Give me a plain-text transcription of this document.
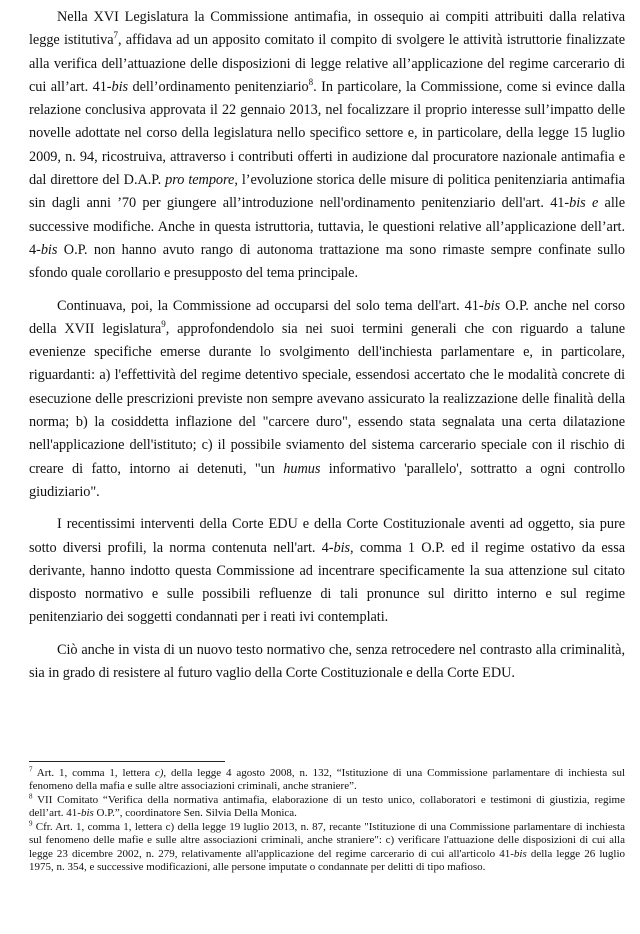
Nella XVI Legislatura la Commissione antimafia, in ossequio ai compiti attribuiti dalla relativa legge istitutiva$^7$, affidava ad un apposito comitato il compito di svolgere le attività istruttorie finalizzate alla verifica dell’attuazione delle disposizioni di legge relative all’applicazione del regime carcerario di cui all’art. 41-bis dell’ordinamento penitenziario$^8$. In particolare, la Commissione, come si evince dalla relazione conclusiva approvata il 22 gennaio 2013, nel focalizzare il proprio interesse sull’impatto delle novelle adottate nel corso della legislatura nello specifico settore e, in particolare, della legge 15 luglio 2009, n. 94, ricostruiva, attraverso i contributi offerti in audizione dal procuratore nazionale antimafia e dal direttore del D.A.P. pro tempore, l’evoluzione storica delle misure di politica penitenziaria antimafia sin dagli anni ’70 per giungere all’introduzione nell'ordinamento penitenziario dell'art. 41-bis e alle successive modifiche. Anche in questa istruttoria, tuttavia, le questioni relative all’applicazione dell’art. 4-bis O.P. non hanno avuto rango di autonoma trattazione ma sono rimaste sempre confinate sullo sfondo quale corollario e presupposto del tema principale.

Continuava, poi, la Commissione ad occuparsi del solo tema dell'art. 41-bis O.P. anche nel corso della XVII legislatura$^9$, approfondendolo sia nei suoi termini generali che con riguardo a talune evenienze specifiche emerse durante lo svolgimento dell'inchiesta parlamentare e, in particolare, riguardanti: a) l'effettività del regime detentivo speciale, essendosi accertato che le modalità concrete di esecuzione delle prescrizioni previste non sempre avevano assicurato la realizzazione delle finalità della norma; b) la cosiddetta inflazione del "carcere duro", essendo stata segnalata una certa dilatazione nell'applicazione dell'istituto; c) il possibile sviamento del sistema carcerario speciale con il rischio di creare di fatto, intorno ai detenuti, "un humus informativo 'parallelo', sottratto a ogni controllo giudiziario".

I recentissimi interventi della Corte EDU e della Corte Costituzionale aventi ad oggetto, sia pure sotto diversi profili, la norma contenuta nell'art. 4-bis, comma 1 O.P. ed il regime ostativo da essa derivante, hanno indotto questa Commissione ad incentrare specificamente la sua attenzione sul citato disposto normativo e sulle possibili refluenze di tali pronunce sul diritto interno e sul regime penitenziario dei soggetti condannati per i reati ivi contemplati.

Ciò anche in vista di un nuovo testo normativo che, senza retrocedere nel contrasto alla criminalità, sia in grado di resistere al futuro vaglio della Corte Costituzionale e della Corte EDU.

$^7$ Art. 1, comma 1, lettera c), della legge 4 agosto 2008, n. 132, “Istituzione di una Commissione parlamentare di inchiesta sul fenomeno della mafia e sulle altre associazioni criminali, anche straniere”.

$^8$ VII Comitato “Verifica della normativa antimafia, elaborazione di un testo unico, collaboratori e testimoni di giustizia, regime dell’art. 41-bis O.P.”, coordinatore Sen. Silvia Della Monica.

$^9$ Cfr. Art. 1, comma 1, lettera c) della legge 19 luglio 2013, n. 87, recante "Istituzione di una Commissione parlamentare di inchiesta sul fenomeno delle mafie e sulle altre associazioni criminali, anche straniere": c) verificare l'attuazione delle disposizioni di cui alla legge 23 dicembre 2002, n. 279, relativamente all'applicazione del regime carcerario di cui all'articolo 41-bis della legge 26 luglio 1975, n. 354, e successive modificazioni, alle persone imputate o condannate per delitti di tipo mafioso.
